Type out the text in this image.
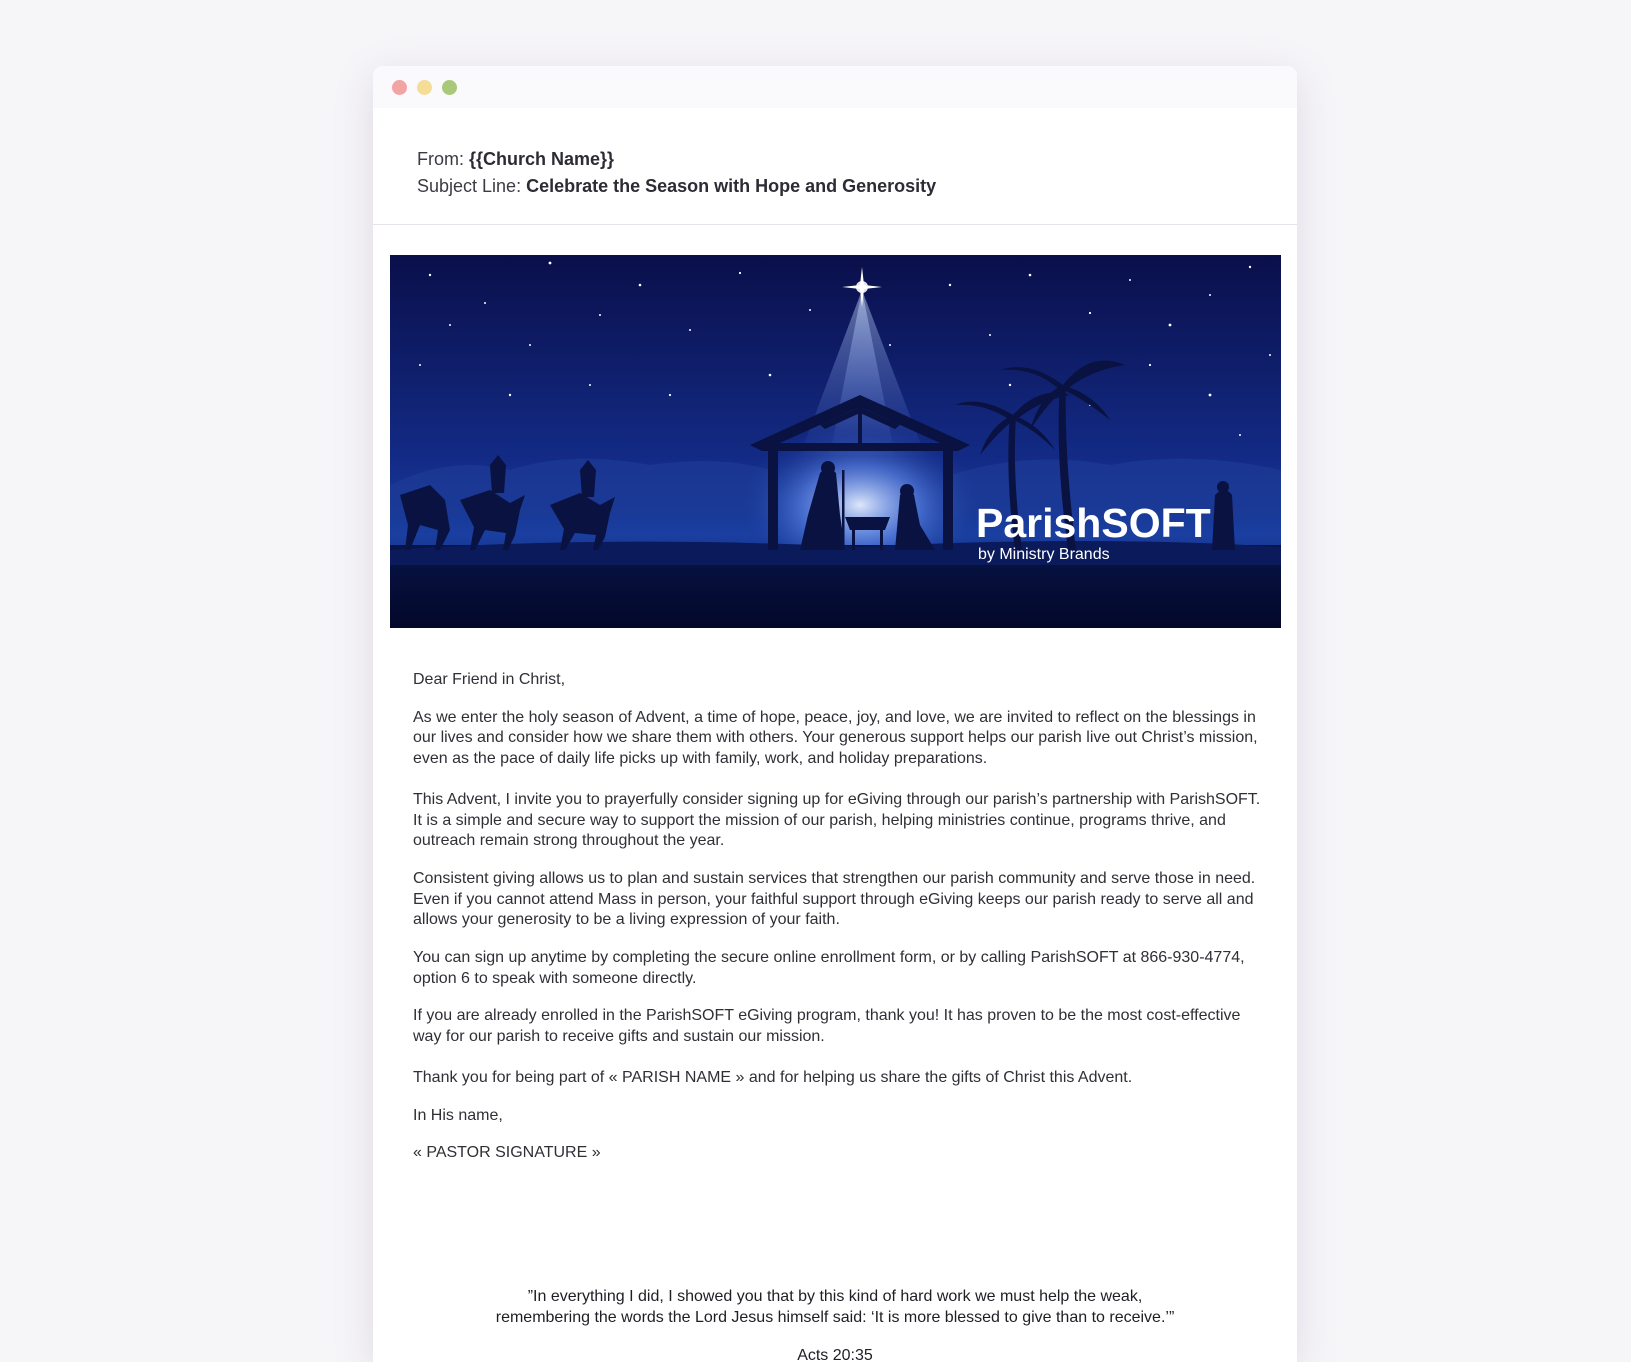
From: {{Church Name}}
Subject Line: Celebrate the Season with Hope and Generosity
ParishSOFT
by Ministry Brands

Dear Friend in Christ,

As we enter the holy season of Advent, a time of hope, peace, joy, and love, we are invited to reflect on the blessings in our lives and consider how we share them with others. Your generous support helps our parish live out Christ’s mission, even as the pace of daily life picks up with family, work, and holiday preparations.

This Advent, I invite you to prayerfully consider signing up for eGiving through our parish’s partnership with ParishSOFT. It is a simple and secure way to support the mission of our parish, helping ministries continue, programs thrive, and outreach remain strong throughout the year.

Consistent giving allows us to plan and sustain services that strengthen our parish community and serve those in need. Even if you cannot attend Mass in person, your faithful support through eGiving keeps our parish ready to serve all and allows your generosity to be a living expression of your faith.

You can sign up anytime by completing the secure online enrollment form, or by calling ParishSOFT at 866-930-4774, option 6 to speak with someone directly.

If you are already enrolled in the ParishSOFT eGiving program, thank you! It has proven to be the most cost-effective way for our parish to receive gifts and sustain our mission.

Thank you for being part of « PARISH NAME » and for helping us share the gifts of Christ this Advent.

In His name,

« PASTOR SIGNATURE »

”In everything I did, I showed you that by this kind of hard work we must help the weak,
remembering the words the Lord Jesus himself said: ‘It is more blessed to give than to receive.’”
Acts 20:35
